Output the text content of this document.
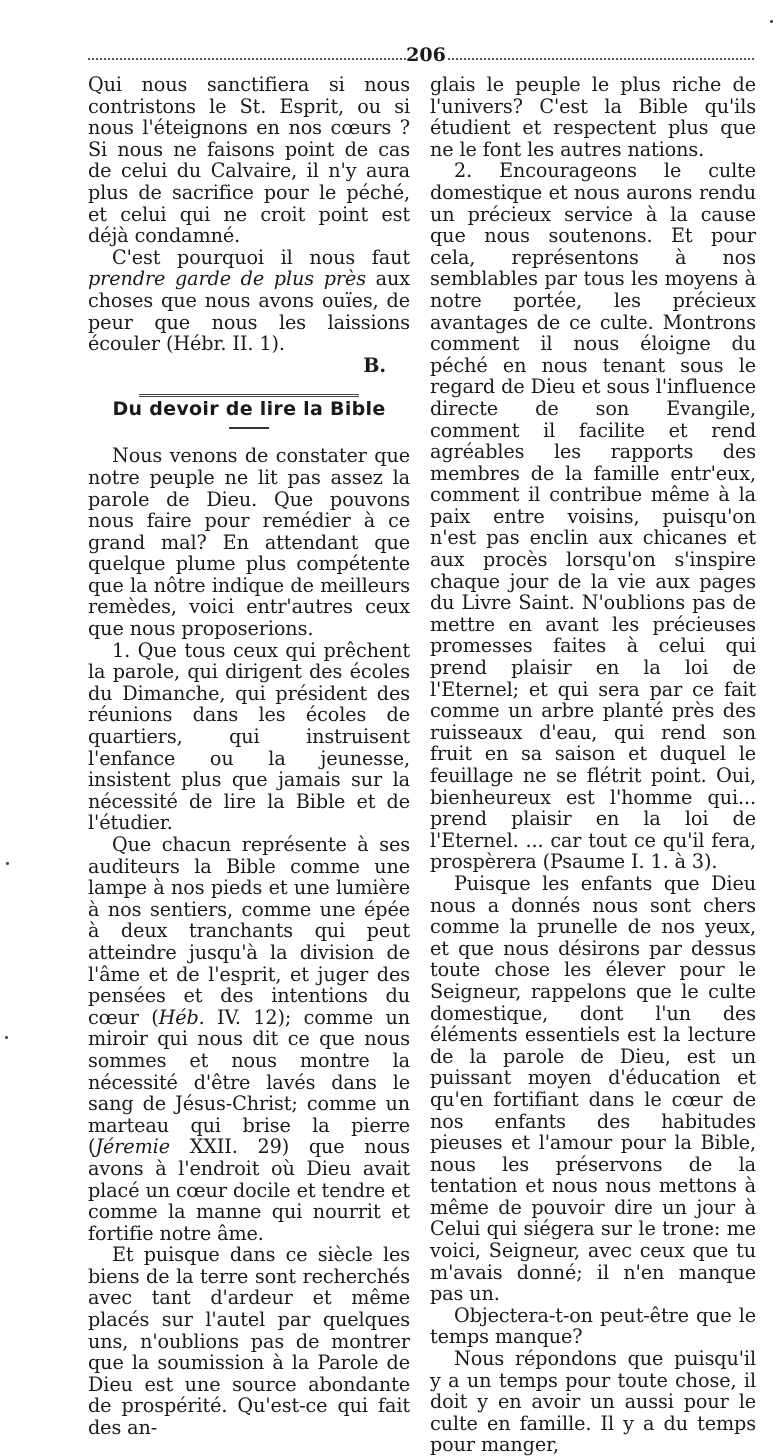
206

Qui nous sanctifiera si nous contristons le St. Esprit, ou si nous l'éteignons en nos cœurs ? Si nous ne faisons point de cas de celui du Calvaire, il n'y aura plus de sacrifice pour le péché, et celui qui ne croit point est déjà condamné.

C'est pourquoi il nous faut prendre garde de plus près aux choses que nous avons ouïes, de peur que nous les laissions écouler (Hébr. II. 1).

B.

Du devoir de lire la Bible

Nous venons de constater que notre peuple ne lit pas assez la parole de Dieu. Que pouvons nous faire pour remédier à ce grand mal? En attendant que quelque plume plus compétente que la nôtre indique de meilleurs remèdes, voici entr'autres ceux que nous proposerions.

1. Que tous ceux qui prêchent la parole, qui dirigent des écoles du Dimanche, qui président des réunions dans les écoles de quartiers, qui instruisent l'enfance ou la jeunesse, insistent plus que jamais sur la nécessité de lire la Bible et de l'étudier.

Que chacun représente à ses auditeurs la Bible comme une lampe à nos pieds et une lumière à nos sentiers, comme une épée à deux tranchants qui peut atteindre jusqu'à la division de l'âme et de l'esprit, et juger des pensées et des intentions du cœur (Héb. IV. 12); comme un miroir qui nous dit ce que nous sommes et nous montre la nécessité d'être lavés dans le sang de Jésus-Christ; comme un marteau qui brise la pierre (Jéremie XXII. 29) que nous avons à l'endroit où Dieu avait placé un cœur docile et tendre et comme la manne qui nourrit et fortifie notre âme.

Et puisque dans ce siècle les biens de la terre sont recherchés avec tant d'ardeur et même placés sur l'autel par quelques uns, n'oublions pas de montrer que la soumission à la Parole de Dieu est une source abondante de prospérité. Qu'est-ce qui fait des an-

glais le peuple le plus riche de l'univers? C'est la Bible qu'ils étudient et respectent plus que ne le font les autres nations.

2. Encourageons le culte domestique et nous aurons rendu un précieux service à la cause que nous soutenons. Et pour cela, représentons à nos semblables par tous les moyens à notre portée, les précieux avantages de ce culte. Montrons comment il nous éloigne du péché en nous tenant sous le regard de Dieu et sous l'influence directe de son Evangile, comment il facilite et rend agréables les rapports des membres de la famille entr'eux, comment il contribue même à la paix entre voisins, puisqu'on n'est pas enclin aux chicanes et aux procès lorsqu'on s'inspire chaque jour de la vie aux pages du Livre Saint. N'oublions pas de mettre en avant les précieuses promesses faites à celui qui prend plaisir en la loi de l'Eternel; et qui sera par ce fait comme un arbre planté près des ruisseaux d'eau, qui rend son fruit en sa saison et duquel le feuillage ne se flétrit point. Oui, bienheureux est l'homme qui... prend plaisir en la loi de l'Eternel. ... car tout ce qu'il fera, prospèrera (Psaume I. 1. à 3).

Puisque les enfants que Dieu nous a donnés nous sont chers comme la prunelle de nos yeux, et que nous désirons par dessus toute chose les élever pour le Seigneur, rappelons que le culte domestique, dont l'un des éléments essentiels est la lecture de la parole de Dieu, est un puissant moyen d'éducation et qu'en fortifiant dans le cœur de nos enfants des habitudes pieuses et l'amour pour la Bible, nous les préservons de la tentation et nous nous mettons à même de pouvoir dire un jour à Celui qui siégera sur le trone: me voici, Seigneur, avec ceux que tu m'avais donné; il n'en manque pas un.

Objectera-t-on peut-être que le temps manque?

Nous répondons que puisqu'il y a un temps pour toute chose, il doit y en avoir un aussi pour le culte en famille. Il y a du temps pour manger,
